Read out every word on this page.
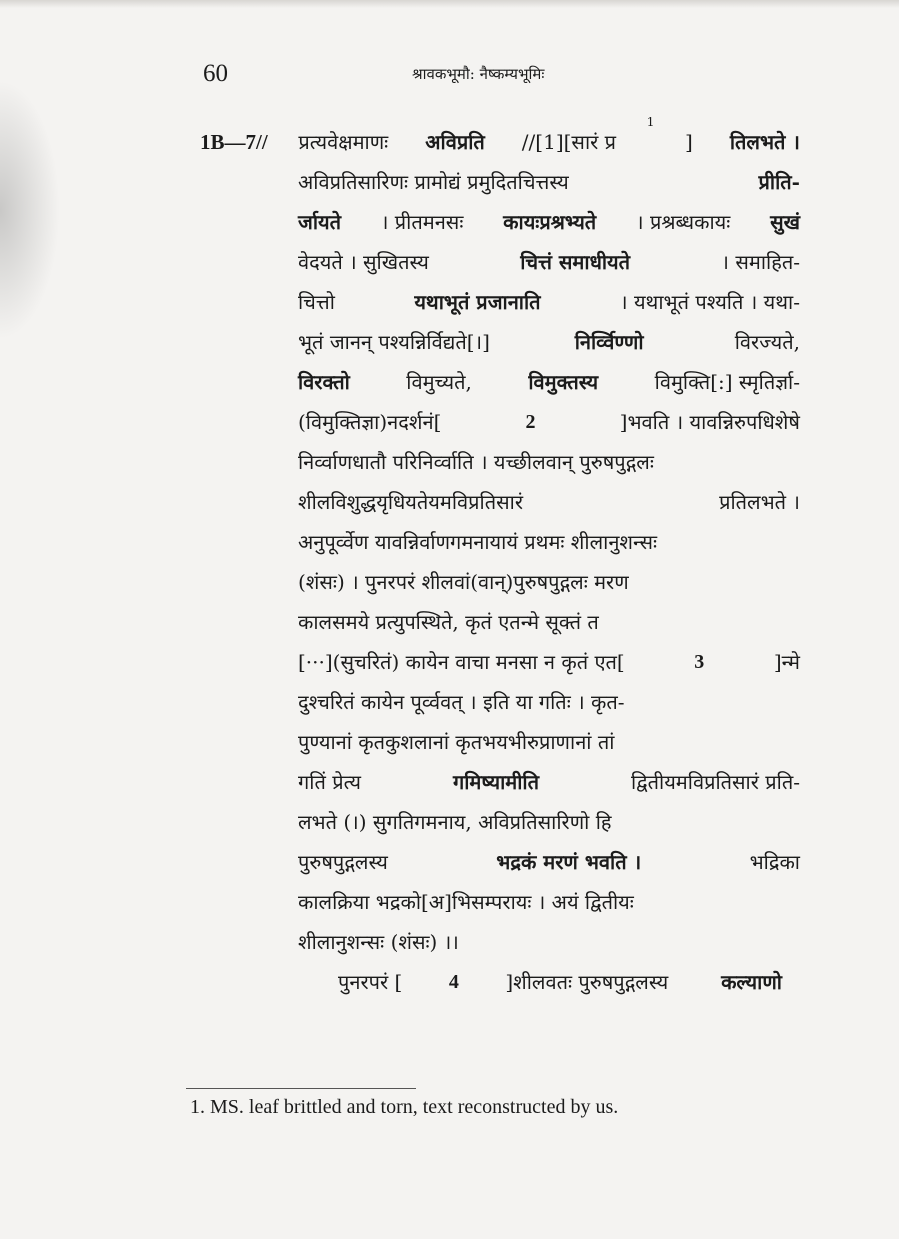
60	श्रावकभूमौ: नैष्कम्यभूमिः
1B—7// प्रत्यवेक्षमाणः अविप्रति //[1][सारं प्र
1
] तिलभते ।
अविप्रतिसारिणः प्रामोद्यं प्रमुदितचित्तस्य	प्रीति-
र्जायते । प्रीतमनसः कायःप्रश्रभ्यते । प्रश्रब्धकायः सुखं
वेदयते । सुखितस्य	चित्तं समाधीयते	। समाहित-
चित्तो	यथाभूतं प्रजानाति	। यथाभूतं पश्यति । यथा-
भूतं जानन् पश्यन्निर्विद्यते[।]	निर्व्विण्णो	विरज्यते,
विरक्तो	विमुच्यते,	विमुक्तस्य	विमुक्ति[:] स्मृतिर्ज्ञा-
(विमुक्तिज्ञा)नदर्शनं[	2	]भवति । यावन्निरुपधिशेषे
निर्व्वाणधातौ परिनिर्व्वाति । यच्छीलवान् पुरुषपुद्गलः
शीलविशुद्धयृधियतेयमविप्रतिसारं	प्रतिलभते ।
अनुपूर्व्वेण यावन्निर्वाणगमनायायं प्रथमः शीलानुशन्सः
(शंसः) । पुनरपरं शीलवां(वान्)पुरुषपुद्गलः मरण
कालसमये प्रत्युपस्थिते, कृतं एतन्मे सूक्तं त
[···](सुचरितं) कायेन वाचा मनसा न कृतं एत[	3	]न्मे
दुश्चरितं कायेन पूर्व्ववत् । इति या गतिः । कृत-
पुण्यानां कृतकुशलानां कृतभयभीरुप्राणानां तां
गतिं प्रेत्य	गमिष्यामीति	द्वितीयमविप्रतिसारं प्रति-
लभते (।) सुगतिगमनाय, अविप्रतिसारिणो हि
पुरुषपुद्गलस्य	भद्रकं मरणं भवति ।	भद्रिका
कालक्रिया भद्रको[अ]भिसम्परायः । अयं द्वितीयः
शीलानुशन्सः (शंसः) ।।
पुनरपरं [ 4 ]शीलवतः पुरुषपुद्गलस्य कल्याणो
1. MS. leaf brittled and torn, text reconstructed by us.
